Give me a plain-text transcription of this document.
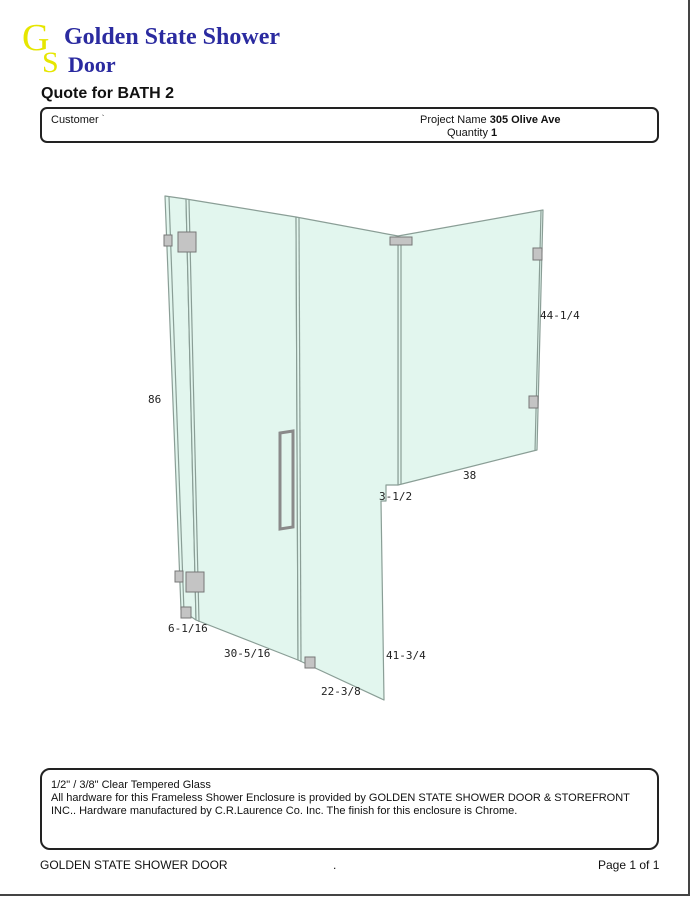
G
S
Golden State Shower
Door
Quote for BATH 2
Customer `	Project Name 305 Olive Ave
Quantity 1
86
44-1/4
38
3-1/2
41-3/4
6-1/16
30-5/16
22-3/8
1/2" / 3/8" Clear Tempered Glass
All hardware for this Frameless Shower Enclosure is provided by GOLDEN STATE SHOWER DOOR & STOREFRONT INC.. Hardware manufactured by C.R.Laurence Co. Inc. The finish for this enclosure is Chrome.
GOLDEN STATE SHOWER DOOR	.	Page 1 of 1
